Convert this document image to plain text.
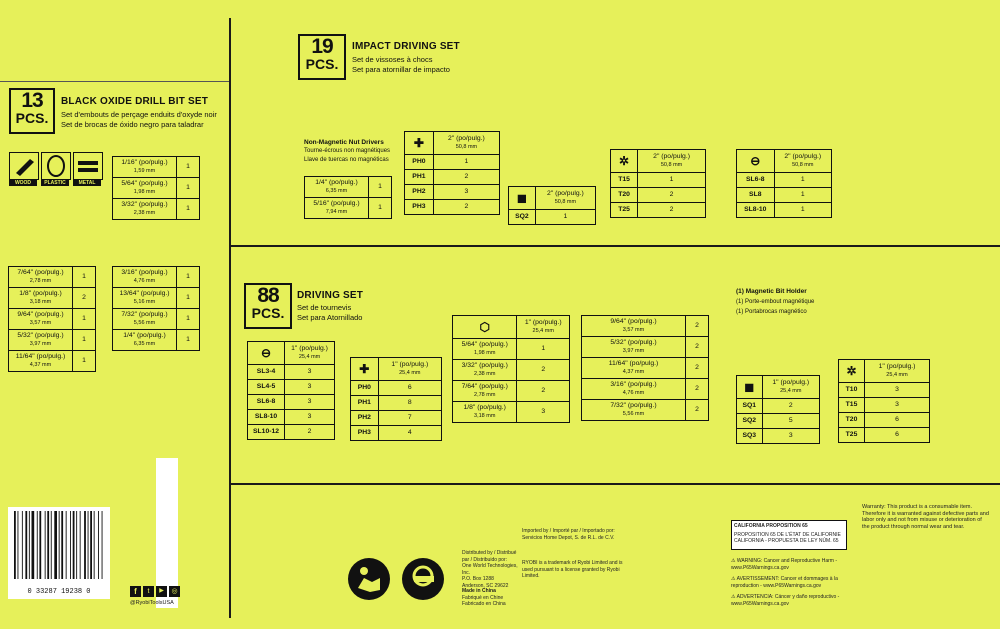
13
PCS.
BLACK OXIDE DRILL BIT SET
Set d'embouts de perçage enduits d'oxyde noir
Set de brocas de óxido negro para taladrar
WOOD	PLASTIC	METAL
1/16" (po/pulg.)
1,59 mm	1

5/64" (po/pulg.)
1,98 mm	1

3/32" (po/pulg.)
2,38 mm	1
7/64" (po/pulg.)
2,78 mm	1

1/8" (po/pulg.)
3,18 mm	2

9/64" (po/pulg.)
3,57 mm	1

5/32" (po/pulg.)
3,97 mm	1

11/64" (po/pulg.)
4,37 mm	1
3/16" (po/pulg.)
4,76 mm	1

13/64" (po/pulg.)
5,16 mm	1

7/32" (po/pulg.)
5,56 mm	1

1/4" (po/pulg.)
6,35 mm	1
19
PCS.
IMPACT DRIVING SET
Set de vissoses à chocs
Set para atornillar de impacto
Non-Magnetic Nut Drivers
Tourne-écrous non magnétiques
Llave de tuercas no magnéticas
1/4" (po/pulg.)
6,35 mm	1

5/16" (po/pulg.)
7,94 mm	1
✚	2" (po/pulg.)
50,8 mm

PH0	1
PH1	2
PH2	3
PH3	2
◼	2" (po/pulg.)
50,8 mm

SQ2	1
✲	2" (po/pulg.)
50,8 mm

T15	1
T20	2
T25	2
⊖	2" (po/pulg.)
50,8 mm

SL6-8	1
SL8	1
SL8-10	1
88
PCS.
DRIVING SET
Set de tournevis
Set para Atornillado
(1) Magnetic Bit Holder
(1) Porte-embout magnétique
(1) Portabrocas magnético
⊖	1" (po/pulg.)
25,4 mm

SL3-4	3
SL4-5	3
SL6-8	3
SL8-10	3
SL10-12	2
✚	1" (po/pulg.)
25,4 mm

PH0	6
PH1	8
PH2	7
PH3	4
⬡	1" (po/pulg.)
25,4 mm

5/64" (po/pulg.)
1,98 mm	1

3/32" (po/pulg.)
2,38 mm	2

7/64" (po/pulg.)
2,78 mm	2

1/8" (po/pulg.)
3,18 mm	3
9/64" (po/pulg.)
3,57 mm	2

5/32" (po/pulg.)
3,97 mm	2

11/64" (po/pulg.)
4,37 mm	2

3/16" (po/pulg.)
4,76 mm	2

7/32" (po/pulg.)
5,56 mm	2
◼	1" (po/pulg.)
25,4 mm

SQ1	2
SQ2	5
SQ3	3
✲	1" (po/pulg.)
25,4 mm

T10	3
T15	3
T20	6
T25	6
0 33287 19238 0	f	t	▶	◎
@RyobiToolsUSA
Distributed by / Distribué par / Distribuido por:
One World Technologies, Inc.
P.O. Box 1288
Anderson, SC 29622
Made in China
Fabriqué en Chine
Fabricado en China
Imported by / Importé par / Importado por: Servicios Home Depot, S. de R.L. de C.V.
RYOBI is a trademark of Ryobi Limited and is used pursuant to a license granted by Ryobi Limited.
CALIFORNIA PROPOSITION 65
PROPOSITION 65 DE L'ÉTAT DE CALIFORNIE
CALIFORNIA - PROPUESTA DE LEY NÚM. 65
⚠ WARNING: Cancer and Reproductive Harm - www.P65Warnings.ca.gov
⚠ AVERTISSEMENT: Cancer et dommages à la reproduction - www.P65Warnings.ca.gov
⚠ ADVERTENCIA: Cáncer y daño reproductivo - www.P65Warnings.ca.gov
Warranty: This product is a consumable item. Therefore it is warranted against defective parts and labor only and not from misuse or deterioration of the product through normal wear and tear.
